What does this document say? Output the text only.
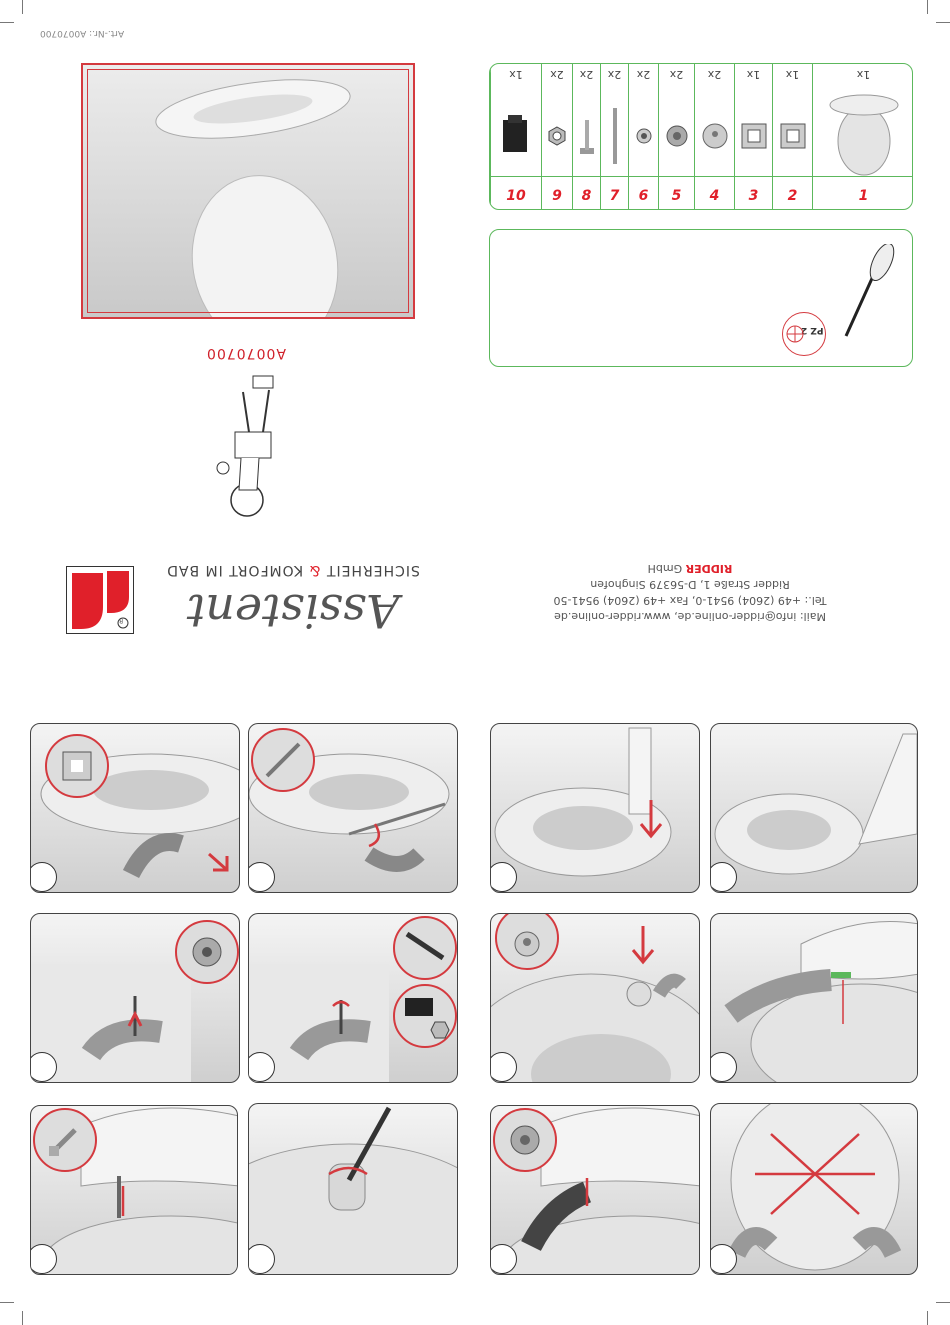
Art.-Nr.: A0070700
10
1x
9
2x
8
2x
7
2x
6
2x
5
2x
4
2x
3
1x
2
1x
1
1x
PZ 2
A0070700
R
SICHERHEIT & KOMFORT IM BAD
Assistent	Mail: info@ridder-online.de, www.ridder-online.de
Tel.: +49 (2604) 9541-0, Fax +49 (2604) 9541-50
Ridder Straße 1, D-56379 Singhofen
RIDDER GmbH
